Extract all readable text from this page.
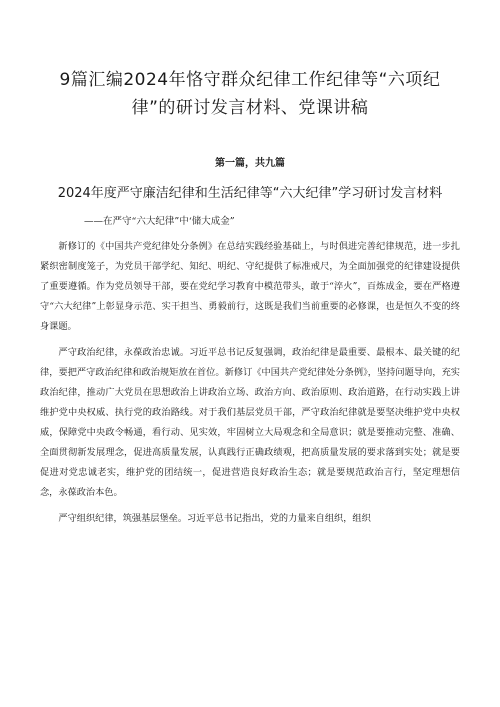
9篇汇编2024年恪守群众纪律工作纪律等“六项纪律”的研讨发言材料、党课讲稿
第一篇，共九篇
2024年度严守廉洁纪律和生活纪律等“六大纪律”学习研讨发言材料
——在严守“六大纪律”中‘储大成金”

新修订的《中国共产党纪律处分条例》在总结实践经验基础上，与时俱进完善纪律规范，进一步扎紧织密制度笼子，为党员干部学纪、知纪、明纪、守纪提供了标准戒尺，为全面加强党的纪律建设提供了重要遵循。作为党员领导干部，要在党纪学习教育中模范带头，敢于“淬火”，百炼成金，要在严格遵守“六大纪律”上彰显身示范、实干担当、勇毅前行，这既是我们当前重要的必修课，也是恒久不变的终身课题。

严守政治纪律，永葆政治忠诚。习近平总书记反复强调，政治纪律是最重要、最根本、最关键的纪律，要把严守政治纪律和政治规矩放在首位。新修订《中国共产党纪律处分条例》，坚持问题导向，充实政治纪律，推动广大党员在思想政治上讲政治立场、政治方向、政治原则、政治道路，在行动实践上讲维护党中央权威、执行党的政治路线。对于我们基层党员干部，严守政治纪律就是要坚决维护党中央权威，保障党中央政令畅通，看行动、见实效，牢固树立大局观念和全局意识；就是要推动完整、准确、全面贯彻新发展理念，促进高质量发展，认真践行正确政绩观，把高质量发展的要求落到实处；就是要促进对党忠诚老实，维护党的团结统一，促进营造良好政治生态；就是要规范政治言行，坚定理想信念，永葆政治本色。

严守组织纪律，筑强基层堡垒。习近平总书记指出，党的力量来自组织，组织
